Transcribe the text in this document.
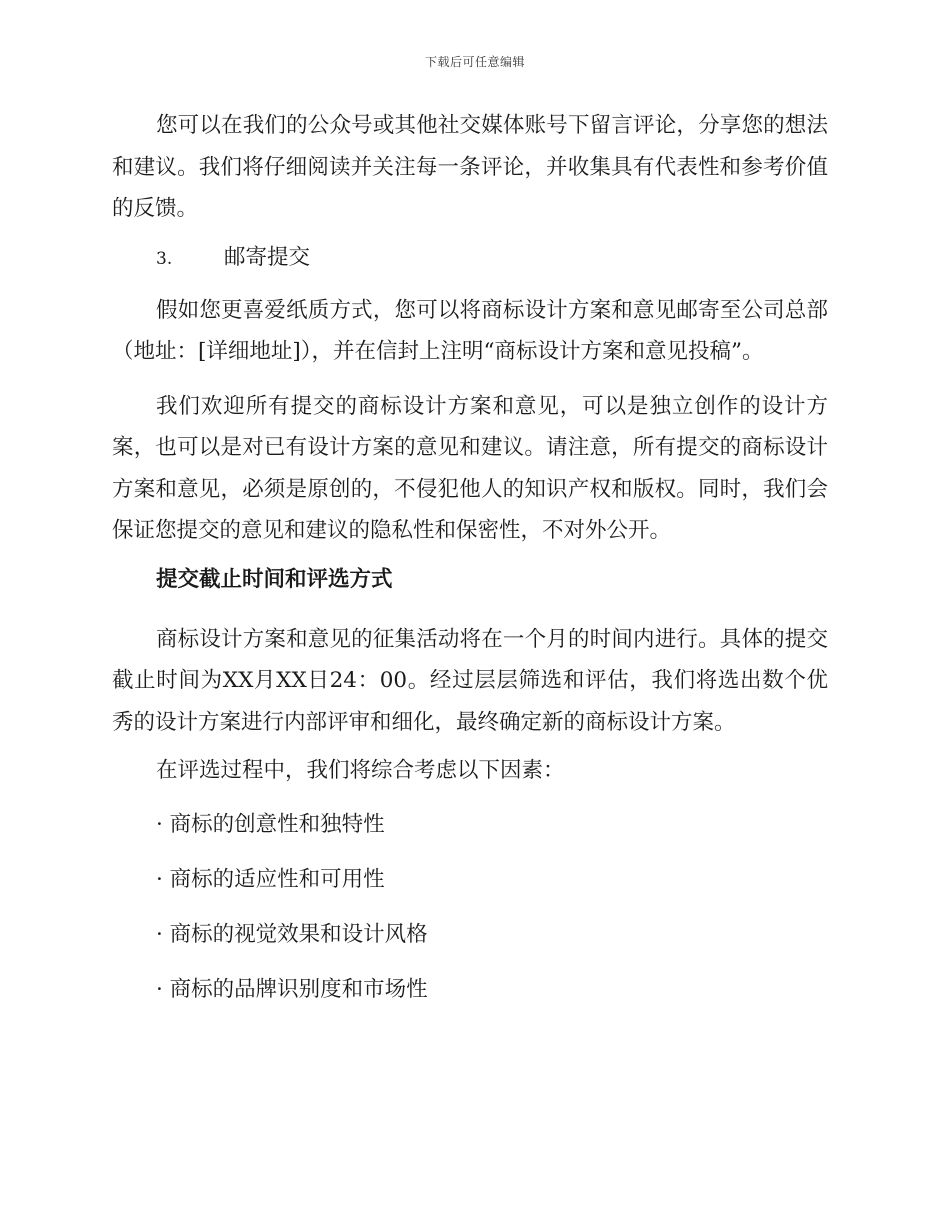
下载后可任意编辑

您可以在我们的公众号或其他社交媒体账号下留言评论，分享您的想法和建议。我们将仔细阅读并关注每一条评论，并收集具有代表性和参考价值的反馈。

3.	邮寄提交

假如您更喜爱纸质方式，您可以将商标设计方案和意见邮寄至公司总部（地址：[详细地址]），并在信封上注明“商标设计方案和意见投稿”。

我们欢迎所有提交的商标设计方案和意见，可以是独立创作的设计方案，也可以是对已有设计方案的意见和建议。请注意，所有提交的商标设计方案和意见，必须是原创的，不侵犯他人的知识产权和版权。同时，我们会保证您提交的意见和建议的隐私性和保密性，不对外公开。

提交截止时间和评选方式

商标设计方案和意见的征集活动将在一个月的时间内进行。具体的提交截止时间为XX月XX日24：00。经过层层筛选和评估，我们将选出数个优秀的设计方案进行内部评审和细化，最终确定新的商标设计方案。

在评选过程中，我们将综合考虑以下因素：
· 商标的创意性和独特性
· 商标的适应性和可用性
· 商标的视觉效果和设计风格
· 商标的品牌识别度和市场性
